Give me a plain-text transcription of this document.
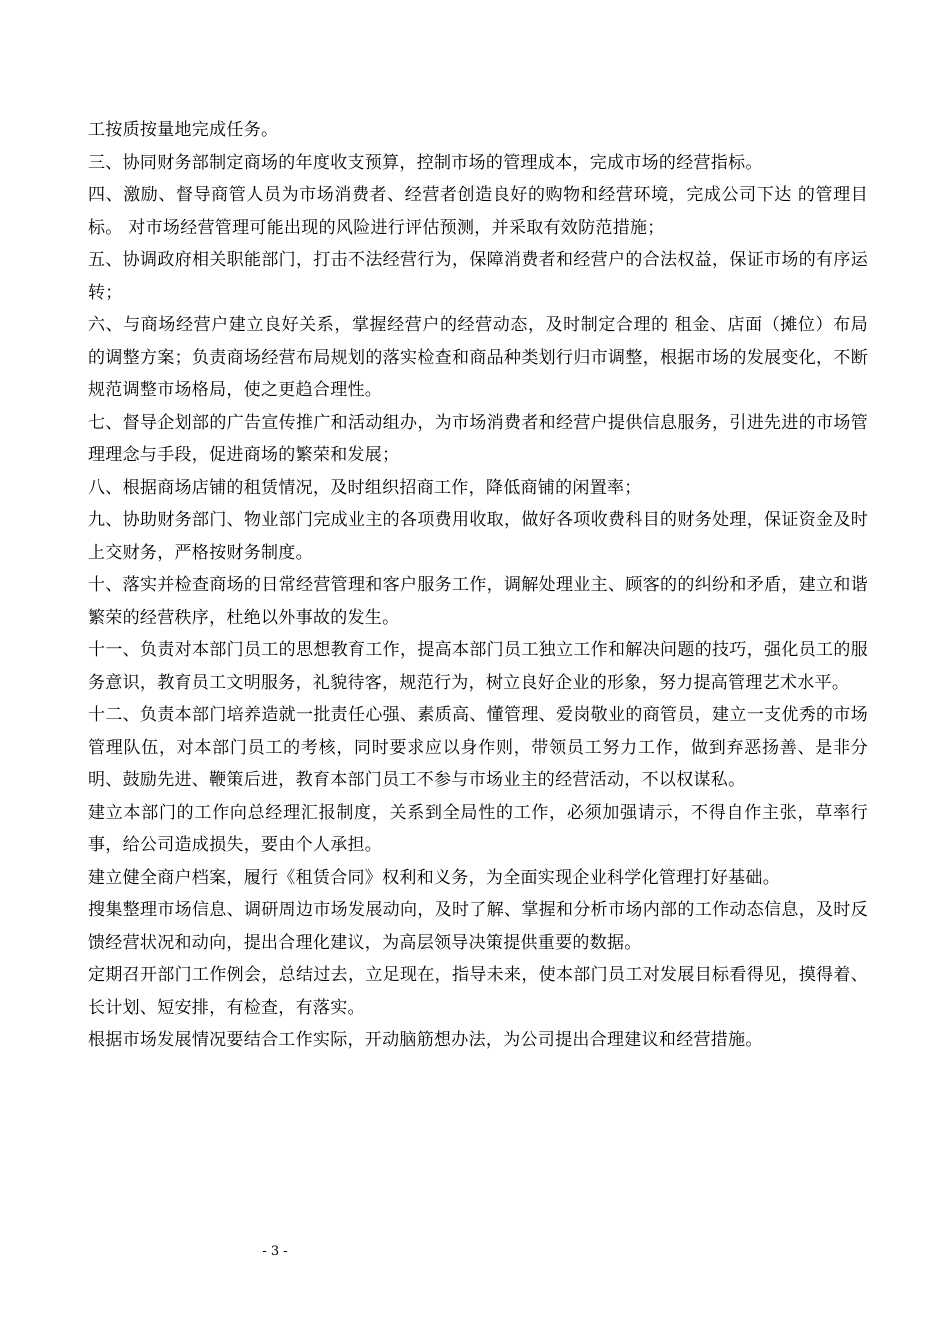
工按质按量地完成任务。

三、协同财务部制定商场的年度收支预算，控制市场的管理成本，完成市场的经营指标。

四、激励、督导商管人员为市场消费者、经营者创造良好的购物和经营环境，完成公司下达 的管理目标。 对市场经营管理可能出现的风险进行评估预测，并采取有效防范措施；

五、协调政府相关职能部门，打击不法经营行为，保障消费者和经营户的合法权益，保证市场的有序运转；

六、与商场经营户建立良好关系，掌握经营户的经营动态，及时制定合理的 租金、店面（摊位）布局的调整方案；负责商场经营布局规划的落实检查和商品种类划行归市调整，根据市场的发展变化，不断规范调整市场格局，使之更趋合理性。

七、督导企划部的广告宣传推广和活动组办，为市场消费者和经营户提供信息服务，引进先进的市场管理理念与手段，促进商场的繁荣和发展；

八、根据商场店铺的租赁情况，及时组织招商工作，降低商铺的闲置率；

九、协助财务部门、物业部门完成业主的各项费用收取，做好各项收费科目的财务处理，保证资金及时上交财务，严格按财务制度。

十、落实并检查商场的日常经营管理和客户服务工作，调解处理业主、顾客的的纠纷和矛盾，建立和谐繁荣的经营秩序，杜绝以外事故的发生。

十一、负责对本部门员工的思想教育工作，提高本部门员工独立工作和解决问题的技巧，强化员工的服务意识，教育员工文明服务，礼貌待客，规范行为，树立良好企业的形象，努力提高管理艺术水平。

十二、负责本部门培养造就一批责任心强、素质高、懂管理、爱岗敬业的商管员，建立一支优秀的市场管理队伍，对本部门员工的考核，同时要求应以身作则，带领员工努力工作，做到弃恶扬善、是非分明、鼓励先进、鞭策后进，教育本部门员工不参与市场业主的经营活动，不以权谋私。

建立本部门的工作向总经理汇报制度，关系到全局性的工作，必须加强请示，不得自作主张，草率行事，给公司造成损失，要由个人承担。

建立健全商户档案，履行《租赁合同》权利和义务，为全面实现企业科学化管理打好基础。

搜集整理市场信息、调研周边市场发展动向，及时了解、掌握和分析市场内部的工作动态信息，及时反馈经营状况和动向，提出合理化建议，为高层领导决策提供重要的数据。

定期召开部门工作例会，总结过去，立足现在，指导未来，使本部门员工对发展目标看得见，摸得着、长计划、短安排，有检查，有落实。

根据市场发展情况要结合工作实际，开动脑筋想办法，为公司提出合理建议和经营措施。

- 3 -
